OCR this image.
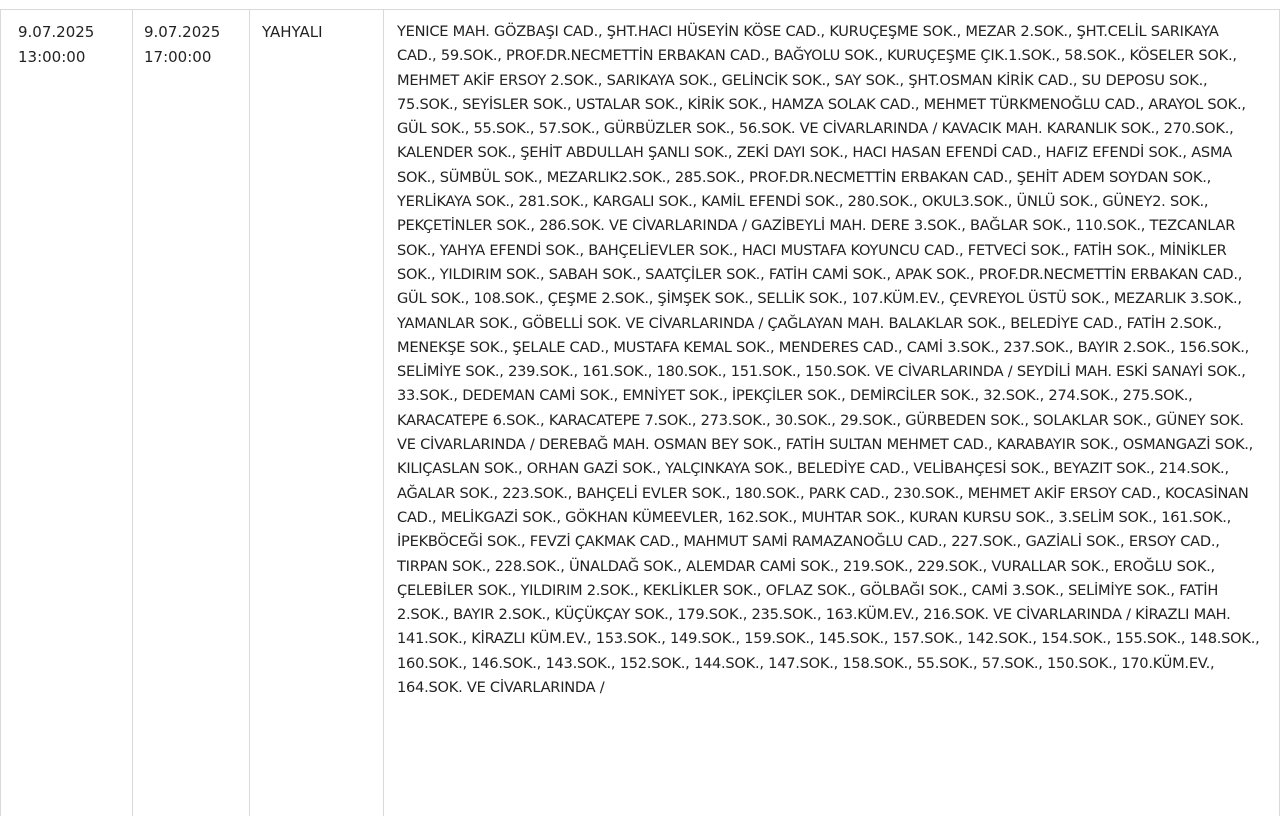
9.07.2025
13:00:00
9.07.2025
17:00:00
YAHYALI	YENICE MAH. GÖZBAŞI CAD., ŞHT.HACI HÜSEYİN KÖSE CAD., KURUÇEŞME SOK., MEZAR 2.SOK., ŞHT.CELİL SARIKAYA CAD., 59.SOK., PROF.DR.NECMETTİN ERBAKAN CAD., BAĞYOLU SOK., KURUÇEŞME ÇIK.1.SOK., 58.SOK., KÖSELER SOK., MEHMET AKİF ERSOY 2.SOK., SARIKAYA SOK., GELİNCİK SOK., SAY SOK., ŞHT.OSMAN KİRİK CAD., SU DEPOSU SOK., 75.SOK., SEYİSLER SOK., USTALAR SOK., KİRİK SOK., HAMZA SOLAK CAD., MEHMET TÜRKMENOĞLU CAD., ARAYOL SOK., GÜL SOK., 55.SOK., 57.SOK., GÜRBÜZLER SOK., 56.SOK. VE CİVARLARINDA / KAVACIK MAH. KARANLIK SOK., 270.SOK., KALENDER SOK., ŞEHİT ABDULLAH ŞANLI SOK., ZEKİ DAYI SOK., HACI HASAN EFENDİ CAD., HAFIZ EFENDİ SOK., ASMA SOK., SÜMBÜL SOK., MEZARLIK2.SOK., 285.SOK., PROF.DR.NECMETTİN ERBAKAN CAD., ŞEHİT ADEM SOYDAN SOK., YERLİKAYA SOK., 281.SOK., KARGALI SOK., KAMİL EFENDİ SOK., 280.SOK., OKUL3.SOK., ÜNLÜ SOK., GÜNEY2. SOK., PEKÇETİNLER SOK., 286.SOK. VE CİVARLARINDA / GAZİBEYLİ MAH. DERE 3.SOK., BAĞLAR SOK., 110.SOK., TEZCANLAR SOK., YAHYA EFENDİ SOK., BAHÇELİEVLER SOK., HACI MUSTAFA KOYUNCU CAD., FETVECİ SOK., FATİH SOK., MİNİKLER SOK., YILDIRIM SOK., SABAH SOK., SAATÇİLER SOK., FATİH CAMİ SOK., APAK SOK., PROF.DR.NECMETTİN ERBAKAN CAD., GÜL SOK., 108.SOK., ÇEŞME 2.SOK., ŞİMŞEK SOK., SELLİK SOK., 107.KÜM.EV., ÇEVREYOL ÜSTÜ SOK., MEZARLIK 3.SOK., YAMANLAR SOK., GÖBELLİ SOK. VE CİVARLARINDA / ÇAĞLAYAN MAH. BALAKLAR SOK., BELEDİYE CAD., FATİH 2.SOK., MENEKŞE SOK., ŞELALE CAD., MUSTAFA KEMAL SOK., MENDERES CAD., CAMİ 3.SOK., 237.SOK., BAYIR 2.SOK., 156.SOK., SELİMİYE SOK., 239.SOK., 161.SOK., 180.SOK., 151.SOK., 150.SOK. VE CİVARLARINDA / SEYDİLİ MAH. ESKİ SANAYİ SOK., 33.SOK., DEDEMAN CAMİ SOK., EMNİYET SOK., İPEKÇİLER SOK., DEMİRCİLER SOK., 32.SOK., 274.SOK., 275.SOK., KARACATEPE 6.SOK., KARACATEPE 7.SOK., 273.SOK., 30.SOK., 29.SOK., GÜRBEDEN SOK., SOLAKLAR SOK., GÜNEY SOK. VE CİVARLARINDA / DEREBAĞ MAH. OSMAN BEY SOK., FATİH SULTAN MEHMET CAD., KARABAYIR SOK., OSMANGAZİ SOK., KILIÇASLAN SOK., ORHAN GAZİ SOK., YALÇINKAYA SOK., BELEDİYE CAD., VELİBAHÇESİ SOK., BEYAZIT SOK., 214.SOK., AĞALAR SOK., 223.SOK., BAHÇELİ EVLER SOK., 180.SOK., PARK CAD., 230.SOK., MEHMET AKİF ERSOY CAD., KOCASİNAN CAD., MELİKGAZİ SOK., GÖKHAN KÜMEEVLER, 162.SOK., MUHTAR SOK., KURAN KURSU SOK., 3.SELİM SOK., 161.SOK., İPEKBÖCEĞİ SOK., FEVZİ ÇAKMAK CAD., MAHMUT SAMİ RAMAZANOĞLU CAD., 227.SOK., GAZİALİ SOK., ERSOY CAD., TIRPAN SOK., 228.SOK., ÜNALDAĞ SOK., ALEMDAR CAMİ SOK., 219.SOK., 229.SOK., VURALLAR SOK., EROĞLU SOK., ÇELEBİLER SOK., YILDIRIM 2.SOK., KEKLİKLER SOK., OFLAZ SOK., GÖLBAĞI SOK., CAMİ 3.SOK., SELİMİYE SOK., FATİH 2.SOK., BAYIR 2.SOK., KÜÇÜKÇAY SOK., 179.SOK., 235.SOK., 163.KÜM.EV., 216.SOK. VE CİVARLARINDA / KİRAZLI MAH. 141.SOK., KİRAZLI KÜM.EV., 153.SOK., 149.SOK., 159.SOK., 145.SOK., 157.SOK., 142.SOK., 154.SOK., 155.SOK., 148.SOK., 160.SOK., 146.SOK., 143.SOK., 152.SOK., 144.SOK., 147.SOK., 158.SOK., 55.SOK., 57.SOK., 150.SOK., 170.KÜM.EV., 164.SOK. VE CİVARLARINDA /
